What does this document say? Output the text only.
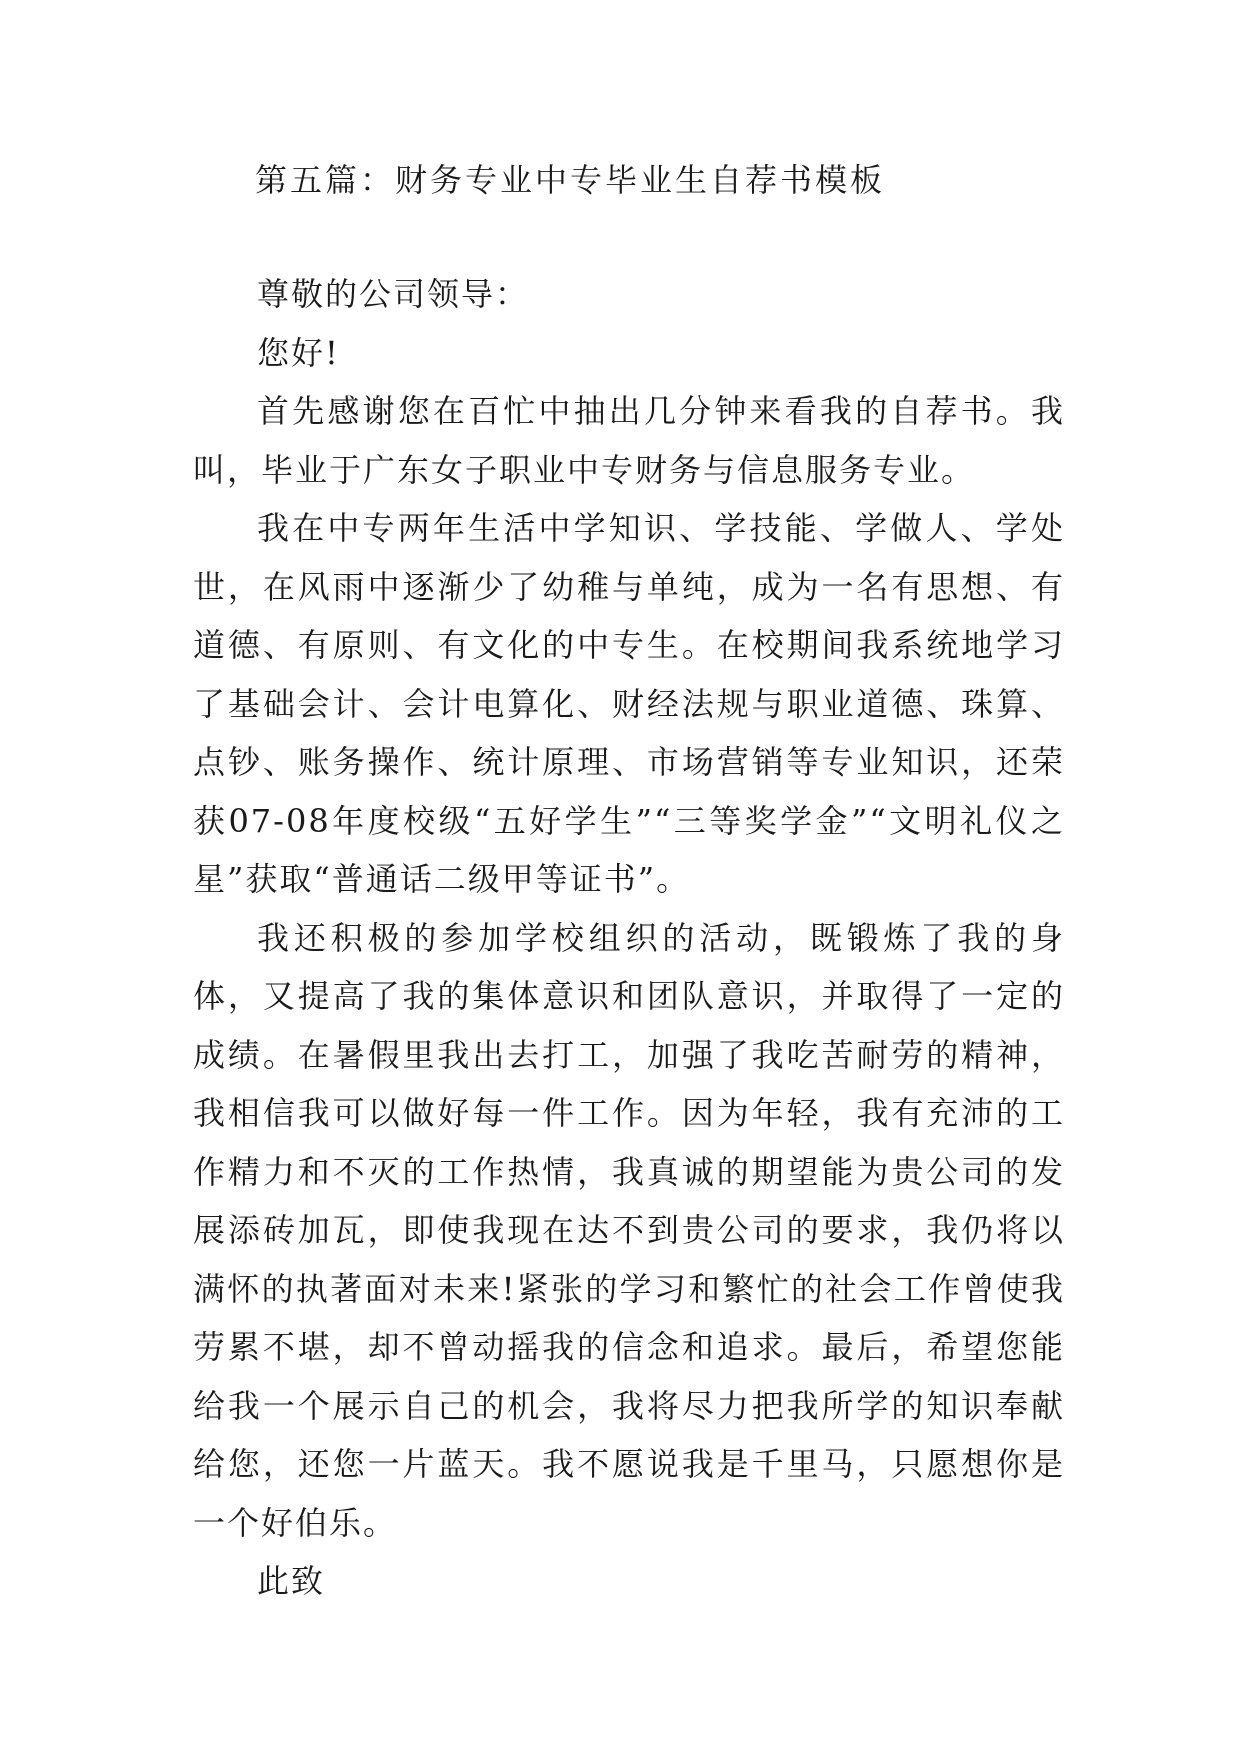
第五篇：财务专业中专毕业生自荐书模板

尊敬的公司领导：

您好!

首先感谢您在百忙中抽出几分钟来看我的自荐书。我叫，毕业于广东女子职业中专财务与信息服务专业。

我在中专两年生活中学知识、学技能、学做人、学处世，在风雨中逐渐少了幼稚与单纯，成为一名有思想、有道德、有原则、有文化的中专生。在校期间我系统地学习了基础会计、会计电算化、财经法规与职业道德、珠算、点钞、账务操作、统计原理、市场营销等专业知识，还荣获07-08年度校级“五好学生”“三等奖学金”“文明礼仪之星”获取“普通话二级甲等证书”。

我还积极的参加学校组织的活动，既锻炼了我的身体，又提高了我的集体意识和团队意识，并取得了一定的成绩。在暑假里我出去打工，加强了我吃苦耐劳的精神，我相信我可以做好每一件工作。因为年轻，我有充沛的工作精力和不灭的工作热情，我真诚的期望能为贵公司的发展添砖加瓦，即使我现在达不到贵公司的要求，我仍将以满怀的执著面对未来!紧张的学习和繁忙的社会工作曾使我劳累不堪，却不曾动摇我的信念和追求。最后，希望您能给我一个展示自己的机会，我将尽力把我所学的知识奉献给您，还您一片蓝天。我不愿说我是千里马，只愿想你是一个好伯乐。

此致
